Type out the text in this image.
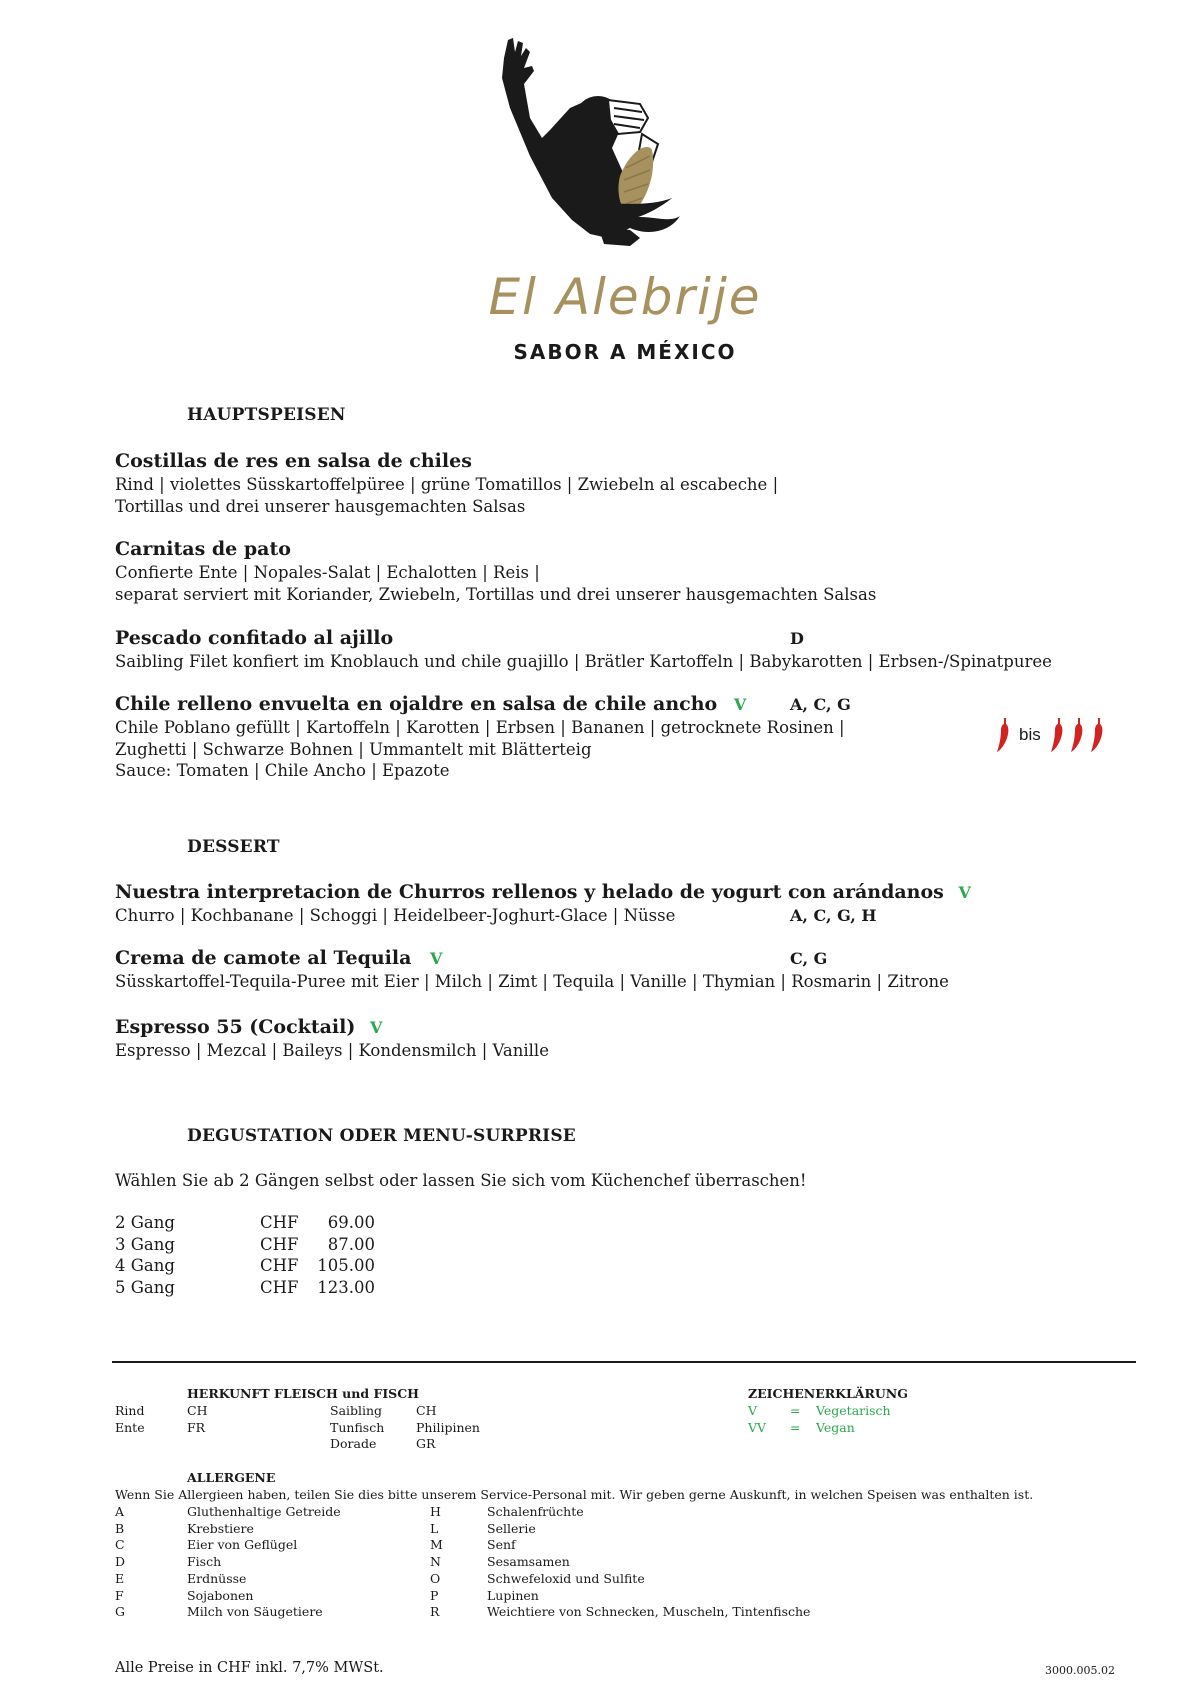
El Alebrije
SABOR A MÉXICO
HAUPTSPEISEN
Costillas de res en salsa de chiles
Rind | violettes Süsskartoffelpüree | grüne Tomatillos | Zwiebeln al escabeche |
Tortillas und drei unserer hausgemachten Salsas
Carnitas de pato
Confierte Ente | Nopales-Salat | Echalotten | Reis |
separat serviert mit Koriander, Zwiebeln, Tortillas und drei unserer hausgemachten Salsas
Pescado confitado al ajillo	D
Saibling Filet konfiert im Knoblauch und chile guajillo | Brätler Kartoffeln | Babykarotten | Erbsen-/Spinatpuree
Chile relleno envuelta en ojaldre en salsa de chile ancho V	A, C, G
Chile Poblano gefüllt | Kartoffeln | Karotten | Erbsen | Bananen | getrocknete Rosinen |
Zughetti | Schwarze Bohnen | Ummantelt mit Blätterteig
Sauce: Tomaten | Chile Ancho | Epazote
bis
DESSERT
Nuestra interpretacion de Churros rellenos y helado de yogurt con arándanos V
A, C, G, H
Churro | Kochbanane | Schoggi | Heidelbeer-Joghurt-Glace | Nüsse
Crema de camote al Tequila V	C, G
Süsskartoffel-Tequila-Puree mit Eier | Milch | Zimt | Tequila | Vanille | Thymian | Rosmarin | Zitrone
Espresso 55 (Cocktail) V
Espresso | Mezcal | Baileys | Kondensmilch | Vanille
DEGUSTATION ODER MENU-SURPRISE
Wählen Sie ab 2 Gängen selbst oder lassen Sie sich vom Küchenchef überraschen!
2 Gang	CHF 69.00
3 Gang	CHF 87.00
4 Gang	CHF 105.00
5 Gang	CHF 123.00
HERKUNFT FLEISCH und FISCH
Rind	CH
Ente	FR
Saibling	CH
Tunfisch	Philipinen
Dorade	GR
ZEICHENERKLÄRUNG
V	= Vegetarisch
VV = Vegan
ALLERGENE
Wenn Sie Allergieen haben, teilen Sie dies bitte unserem Service-Personal mit. Wir geben gerne Auskunft, in welchen Speisen was enthalten ist.
A	Gluthenhaltige Getreide
B	Krebstiere
C	Eier von Geflügel
D	Fisch
E	Erdnüsse
F	Sojabonen
G	Milch von Säugetiere
H	Schalenfrüchte
L	Sellerie
M	Senf
N	Sesamsamen
O	Schwefeloxid und Sulfite
P	Lupinen
R	Weichtiere von Schnecken, Muscheln, Tintenfische
Alle Preise in CHF inkl. 7,7% MWSt.	3000.005.02
